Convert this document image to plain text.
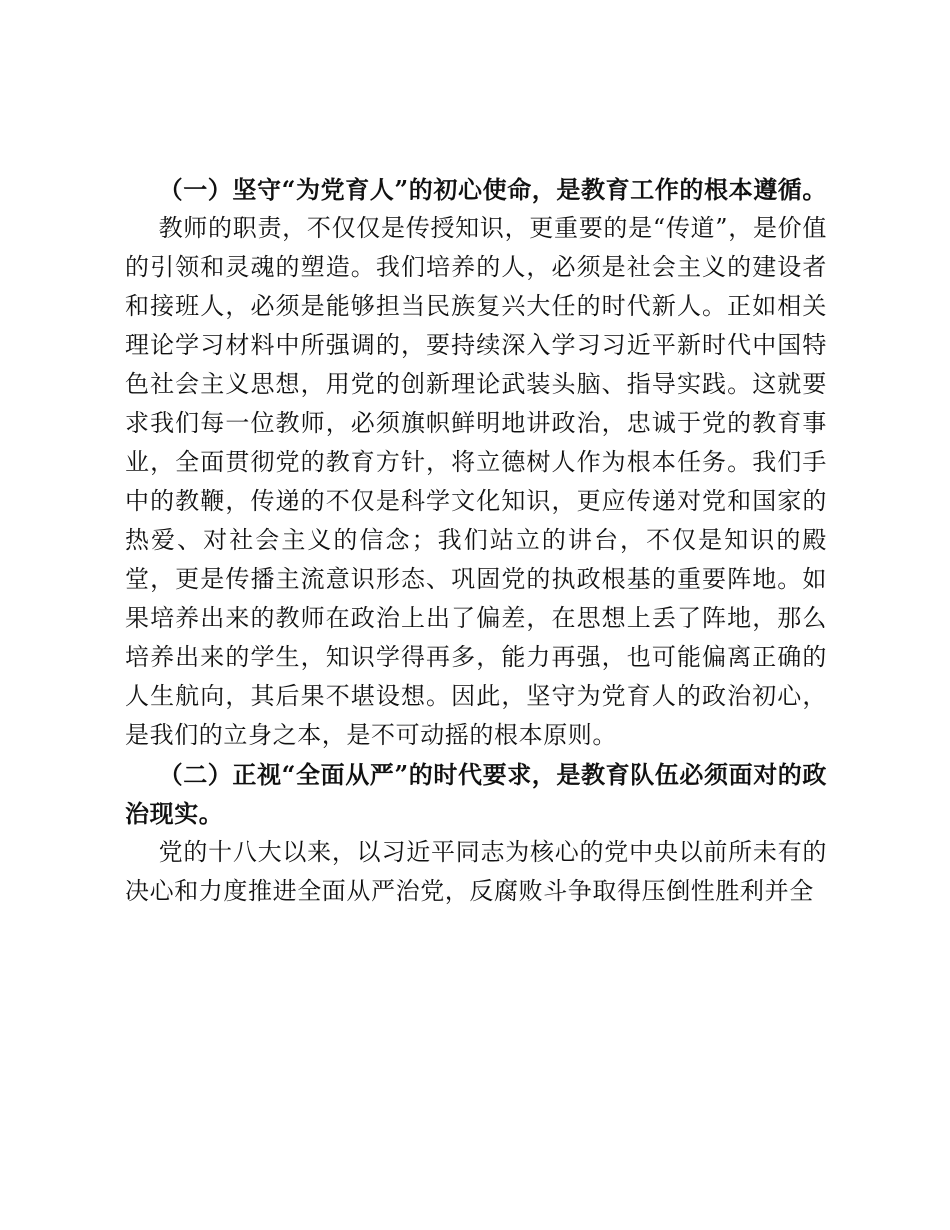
（一）坚守“为党育人”的初心使命，是教育工作的根本遵循。

教师的职责，不仅仅是传授知识，更重要的是“传道”，是价值的引领和灵魂的塑造。我们培养的人，必须是社会主义的建设者和接班人，必须是能够担当民族复兴大任的时代新人。正如相关理论学习材料中所强调的，要持续深入学习习近平新时代中国特色社会主义思想，用党的创新理论武装头脑、指导实践。这就要求我们每一位教师，必须旗帜鲜明地讲政治，忠诚于党的教育事业，全面贯彻党的教育方针，将立德树人作为根本任务。我们手中的教鞭，传递的不仅是科学文化知识，更应传递对党和国家的热爱、对社会主义的信念；我们站立的讲台，不仅是知识的殿堂，更是传播主流意识形态、巩固党的执政根基的重要阵地。如果培养出来的教师在政治上出了偏差，在思想上丢了阵地，那么培养出来的学生，知识学得再多，能力再强，也可能偏离正确的人生航向，其后果不堪设想。因此，坚守为党育人的政治初心，是我们的立身之本，是不可动摇的根本原则。

（二）正视“全面从严”的时代要求，是教育队伍必须面对的政治现实。

党的十八大以来，以习近平同志为核心的党中央以前所未有的决心和力度推进全面从严治党，反腐败斗争取得压倒性胜利并全
